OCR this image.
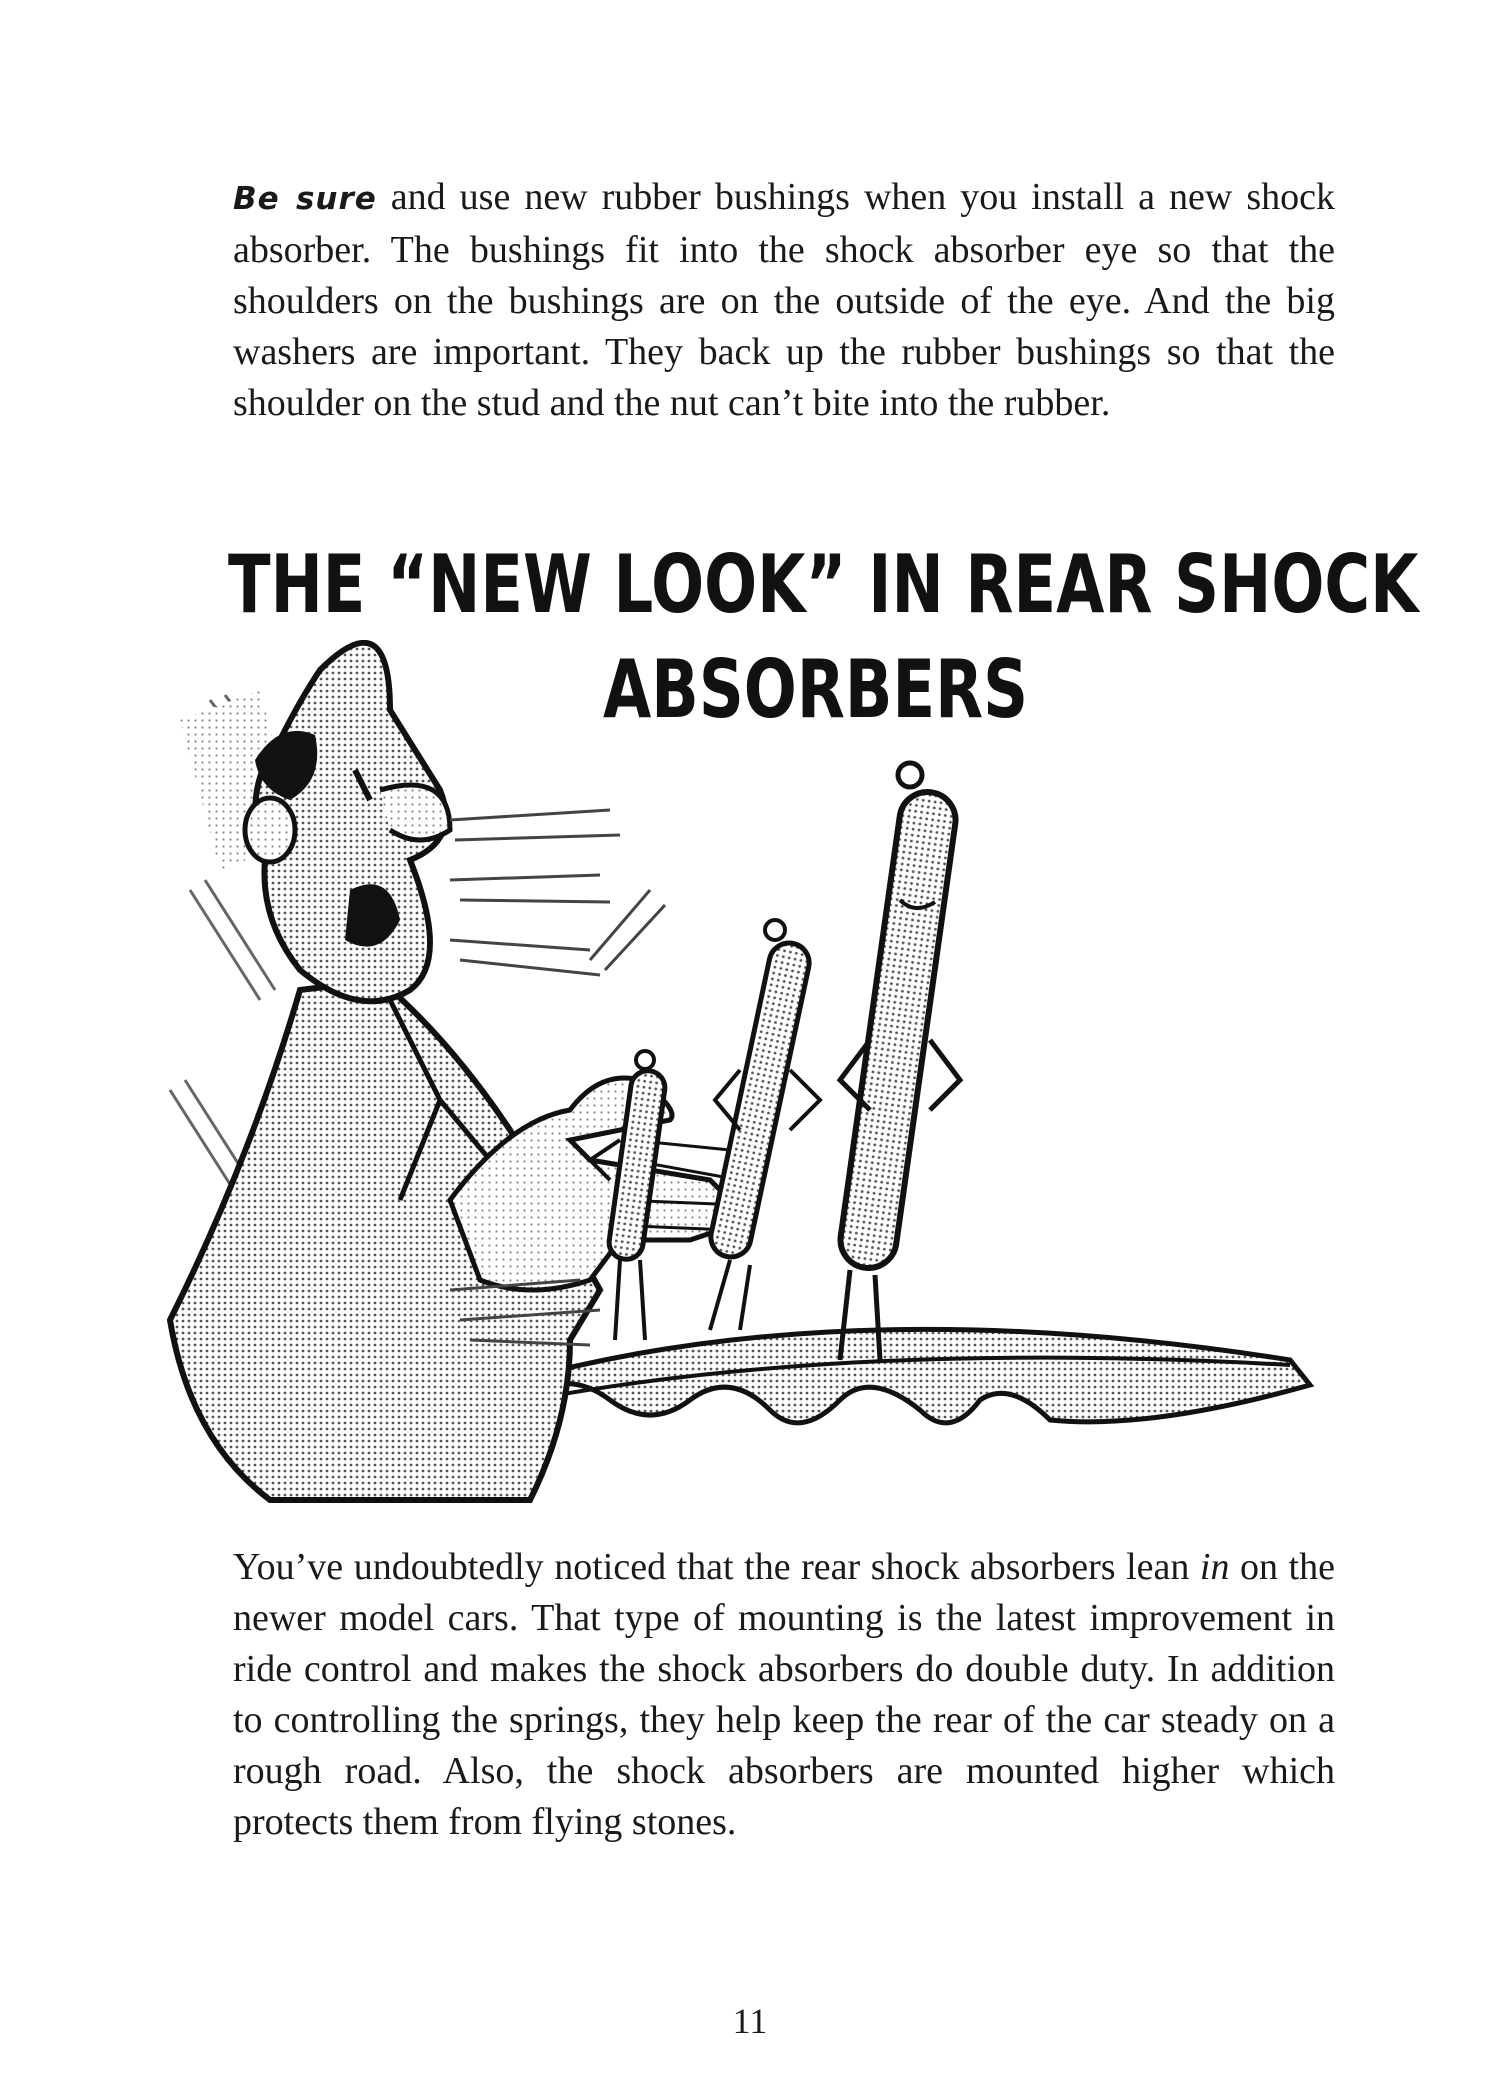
Be sure and use new rubber bushings when you install a new shock absorber. The bushings fit into the shock absorber eye so that the shoulders on the bushings are on the outside of the eye. And the big washers are important. They back up the rubber bushings so that the shoulder on the stud and the nut can’t bite into the rubber.

THE “NEW LOOK” IN REAR SHOCK
ABSORBERS

You’ve undoubtedly noticed that the rear shock absorbers lean in on the newer model cars. That type of mounting is the latest improvement in ride control and makes the shock absorbers do double duty. In addition to controlling the springs, they help keep the rear of the car steady on a rough road. Also, the shock absorbers are mounted higher which protects them from flying stones.

11
